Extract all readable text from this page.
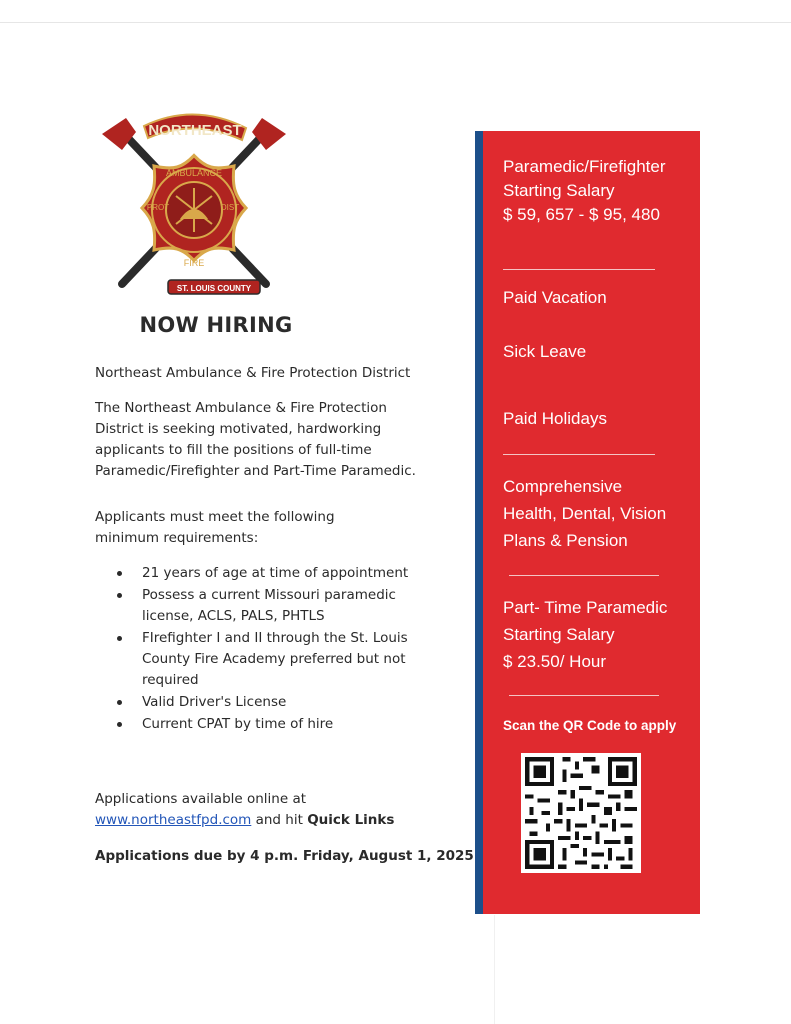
AMBULANCE
PROT	DIST
FIRE
NORTHEAST
ST. LOUIS COUNTY
NOW HIRING
Northeast Ambulance & Fire Protection District
The Northeast Ambulance & Fire Protection District is seeking motivated, hardworking applicants to fill the positions of full-time Paramedic/Firefighter and Part-Time Paramedic.
Applicants must meet the following minimum requirements:
21 years of age at time of appointment
Possess a current Missouri paramedic license, ACLS, PALS, PHTLS
FIrefighter I and II through the St. Louis County Fire Academy preferred but not required
Valid Driver's License
Current CPAT by time of hire
Applications available online at
www.northeastfpd.com and hit Quick Links
Applications due by 4 p.m. Friday, August 1, 2025
Paramedic/Firefighter
Starting Salary
$ 59, 657 - $ 95, 480
Paid Vacation
Sick Leave
Paid Holidays
Comprehensive
Health, Dental, Vision
Plans & Pension
Part- Time Paramedic
Starting Salary
$ 23.50/ Hour
Scan the QR Code to apply
